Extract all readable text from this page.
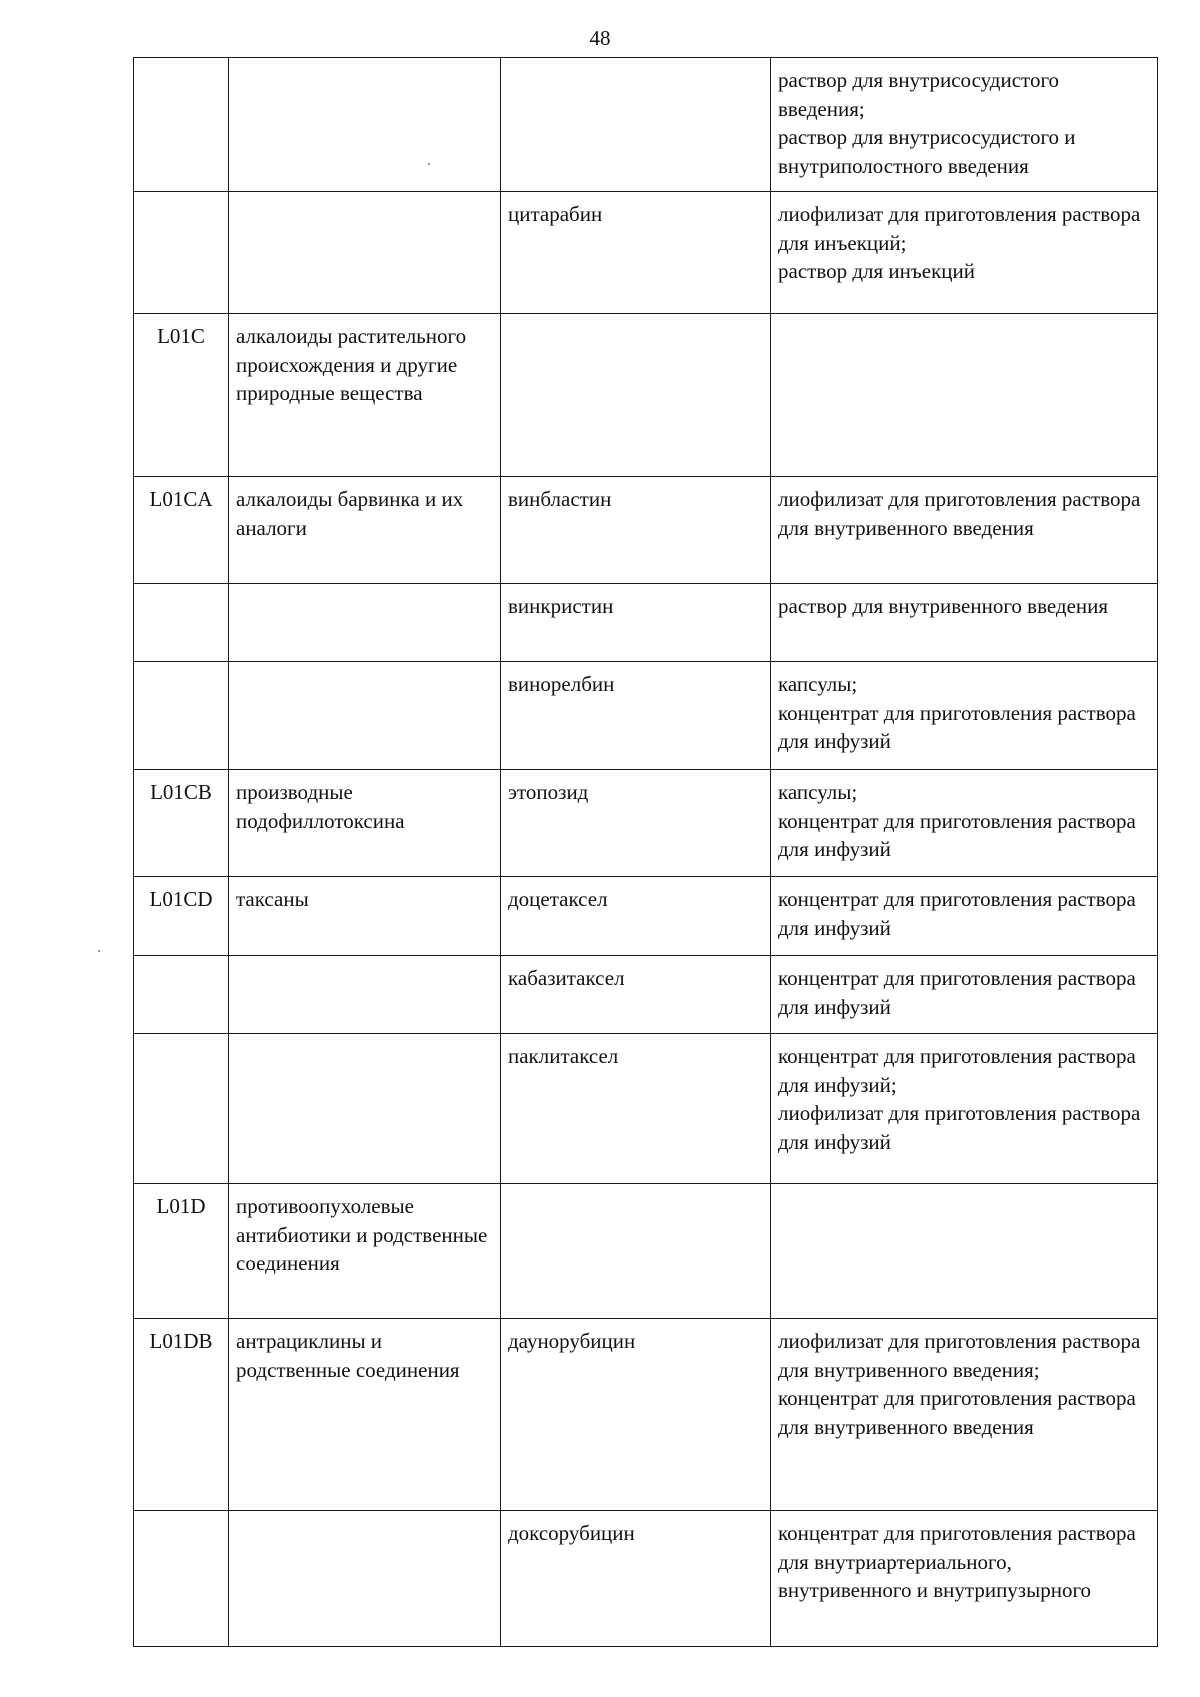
48
			раствор для внутрисосудистого введения;
раствор для внутрисосудистого и внутриполостного введения
		цитарабин	лиофилизат для приготовления раствора для инъекций;
раствор для инъекций
L01C	алкалоиды растительного происхождения и другие природные вещества		
L01CA	алкалоиды барвинка и их аналоги	винбластин	лиофилизат для приготовления раствора для внутривенного введения
		винкристин	раствор для внутривенного введения
		винорелбин	капсулы;
концентрат для приготовления раствора для инфузий
L01CB	производные подофиллотоксина	этопозид	капсулы;
концентрат для приготовления раствора для инфузий
L01CD	таксаны	доцетаксел	концентрат для приготовления раствора для инфузий
		кабазитаксел	концентрат для приготовления раствора для инфузий
		паклитаксел	концентрат для приготовления раствора для инфузий;
лиофилизат для приготовления раствора для инфузий
L01D	противоопухолевые антибиотики и родственные соединения		
L01DB	антрациклины и родственные соединения	даунорубицин	лиофилизат для приготовления раствора для внутривенного введения;
концентрат для приготовления раствора для внутривенного введения
		доксорубицин	концентрат для приготовления раствора для внутриартериального, внутривенного и внутрипузырного
